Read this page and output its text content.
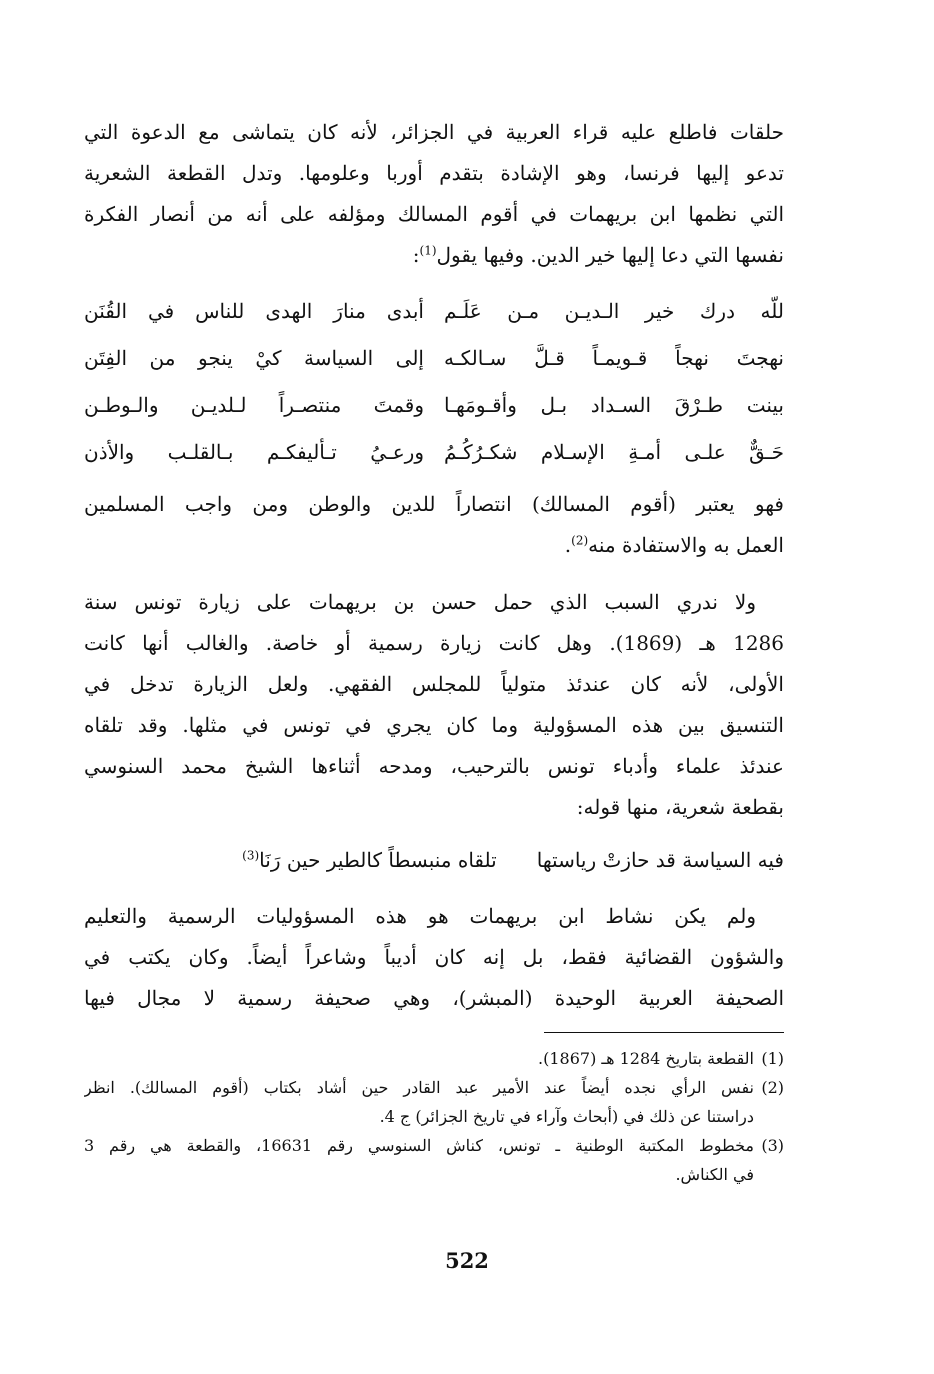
حلقات فاطلع عليه قراء العربية في الجزائر، لأنه كان يتماشى مع الدعوة التي
تدعو إليها فرنسا، وهو الإشادة بتقدم أوربا وعلومها. وتدل القطعة الشعرية
التي نظمها ابن بريهمات في أقوم المسالك ومؤلفه على أنه من أنصار الفكرة
نفسها التي دعا إليها خير الدين. وفيها يقول$^{(1)}$:
للّه درك خير الـديـن مـن عَلَـم
أبدى منارَ الهدى للناس في القُنَن
نهجتَ نهجاً قـويمـاً قـلَّ سـالكـه
إلى السياسة كيْ ينجو من الفِتَن
بينت طـرْقَ السـداد بـل وأقـومَهـا
وقمتَ منتصـراً لـلديـن والـوطـن
حَـقٌّ علـى أمـةِ الإسـلام شكـرُكُـمُ
ورعـيُ تـأليفكـم بـالقلـب والأذن
فهو يعتبر (أقوم المسالك) انتصاراً للدين والوطن ومن واجب المسلمين
العمل به والاستفادة منه$^{(2)}$.
ولا ندري السبب الذي حمل حسن بن بريهمات على زيارة تونس سنة
1286 هـ (1869). وهل كانت زيارة رسمية أو خاصة. والغالب أنها كانت
الأولى، لأنه كان عندئذ متولياً للمجلس الفقهي. ولعل الزيارة تدخل في
التنسيق بين هذه المسؤولية وما كان يجري في تونس في مثلها. وقد تلقاه
عندئذ علماء وأدباء تونس بالترحيب، ومدحه أثناءها الشيخ محمد السنوسي
بقطعة شعرية، منها قوله:
فيه السياسة قد حازتْ رياستها
تلقاه منبسطاً كالطير حين رَنَا$^{(3)}$
ولم يكن نشاط ابن بريهمات هو هذه المسؤوليات الرسمية والتعليم
والشؤون القضائية فقط، بل إنه كان أديباً وشاعراً أيضاً. وكان يكتب في
الصحيفة العربية الوحيدة (المبشر)، وهي صحيفة رسمية لا مجال فيها
(1)
القطعة بتاريخ 1284 هـ (1867).
(2)
نفس الرأي نجده أيضاً عند الأمير عبد القادر حين أشاد بكتاب (أقوم المسالك). انظر
دراستنا عن ذلك في (أبحاث وآراء في تاريخ الجزائر) ج 4.
(3)
مخطوط المكتبة الوطنية ـ تونس، كناش السنوسي رقم 16631، والقطعة هي رقم 3
في الكناش.
522
